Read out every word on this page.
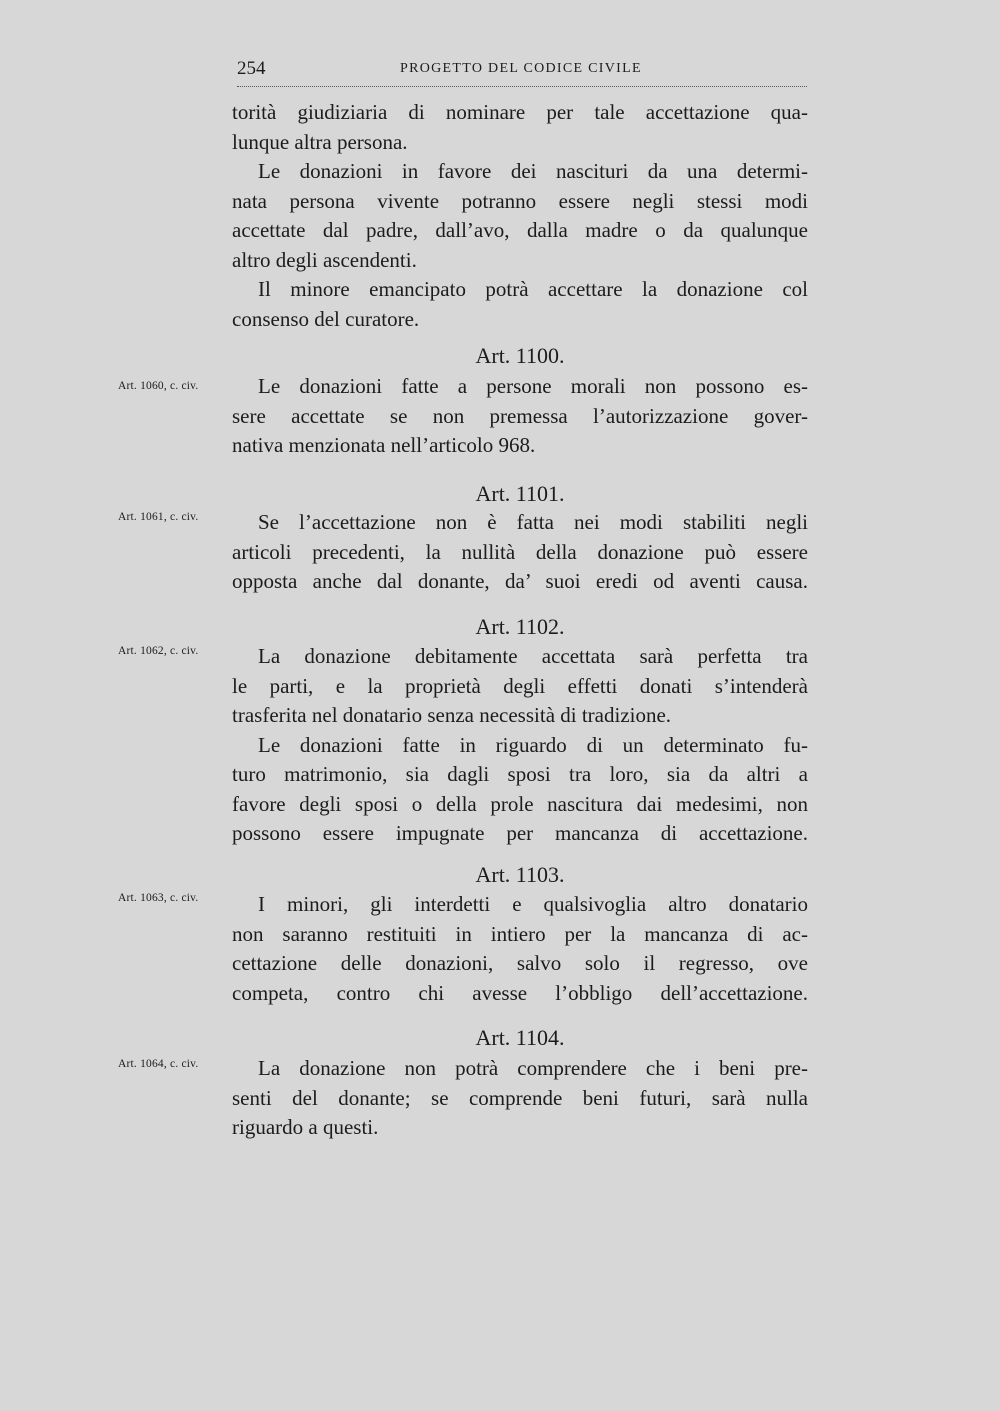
254	PROGETTO DEL CODICE CIVILE
torità giudiziaria di nominare per tale accettazione qua-
lunque altra persona.
Le donazioni in favore dei nascituri da una determi-
nata persona vivente potranno essere negli stessi modi
accettate dal padre, dall’avo, dalla madre o da qualunque
altro degli ascendenti.
Il minore emancipato potrà accettare la donazione col
consenso del curatore.
Art. 1100.
Art. 1060, c. civ.	Le donazioni fatte a persone morali non possono es-
sere accettate se non premessa l’autorizzazione gover-
nativa menzionata nell’articolo 968.
Art. 1101.
Art. 1061, c. civ.	Se l’accettazione non è fatta nei modi stabiliti negli
articoli precedenti, la nullità della donazione può essere
opposta anche dal donante, da’ suoi eredi od aventi causa.
Art. 1102.
Art. 1062, c. civ.	La donazione debitamente accettata sarà perfetta tra
le parti, e la proprietà degli effetti donati s’intenderà
trasferita nel donatario senza necessità di tradizione.
Le donazioni fatte in riguardo di un determinato fu-
turo matrimonio, sia dagli sposi tra loro, sia da altri a
favore degli sposi o della prole nascitura dai medesimi, non
possono essere impugnate per mancanza di accettazione.
Art. 1103.
Art. 1063, c. civ.	I minori, gli interdetti e qualsivoglia altro donatario
non saranno restituiti in intiero per la mancanza di ac-
cettazione delle donazioni, salvo solo il regresso, ove
competa, contro chi avesse l’obbligo dell’accettazione.
Art. 1104.
Art. 1064, c. civ.	La donazione non potrà comprendere che i beni pre-
senti del donante; se comprende beni futuri, sarà nulla
riguardo a questi.
